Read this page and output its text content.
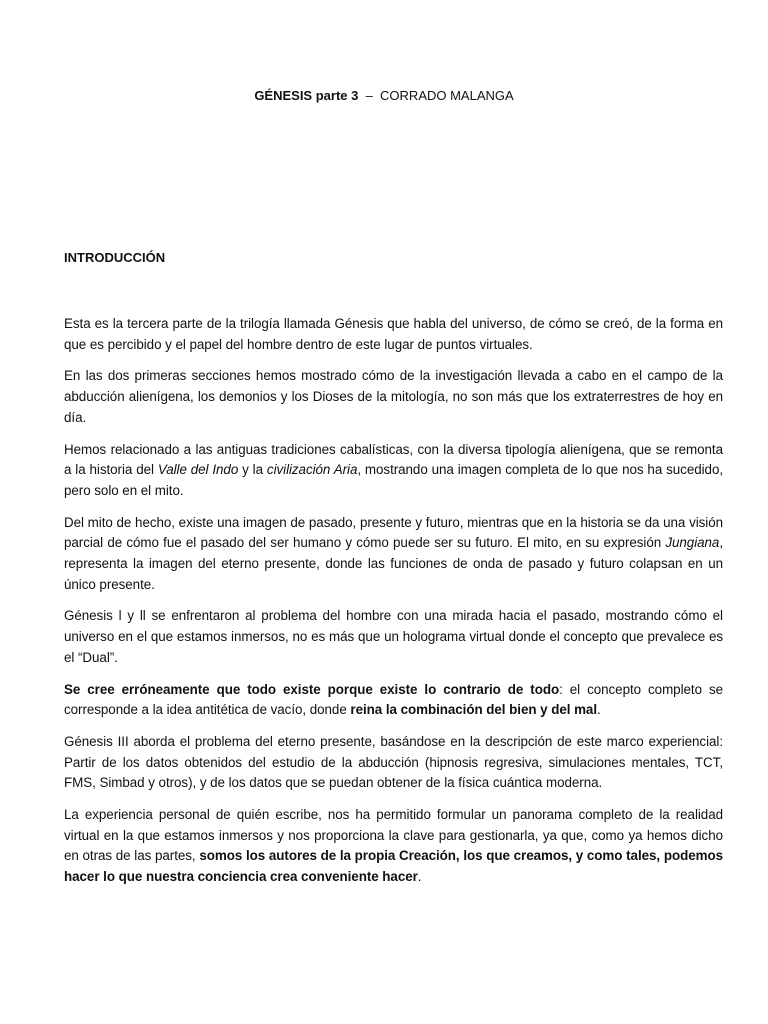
GÉNESIS parte 3  –  CORRADO MALANGA
INTRODUCCIÓN

Esta es la tercera parte de la trilogía llamada Génesis que habla del universo, de cómo se creó, de la forma en que es percibido y el papel del hombre dentro de este lugar de puntos virtuales.

En las dos primeras secciones hemos mostrado cómo de la investigación llevada a cabo en el campo de la abducción alienígena, los demonios y los Dioses de la mitología, no son más que los extraterrestres de hoy en día.

Hemos relacionado a las antiguas tradiciones cabalísticas, con la diversa tipología alienígena, que se remonta a la historia del Valle del Indo y la civilización Aria, mostrando una imagen completa de lo que nos ha sucedido, pero solo en el mito.

Del mito de hecho, existe una imagen de pasado, presente y futuro, mientras que en la historia se da una visión parcial de cómo fue el pasado del ser humano y cómo puede ser su futuro. El mito, en su expresión Jungiana, representa la imagen del eterno presente, donde las funciones de onda de pasado y futuro colapsan en un único presente.

Génesis l y ll se enfrentaron al problema del hombre con una mirada hacia el pasado, mostrando cómo el universo en el que estamos inmersos, no es más que un holograma virtual donde el concepto que prevalece es el “Dual”.

Se cree erróneamente que todo existe porque existe lo contrario de todo: el concepto completo se corresponde a la idea antitética de vacío, donde reina la combinación del bien y del mal.

Génesis III aborda el problema del eterno presente, basándose en la descripción de este marco experiencial: Partir de los datos obtenidos del estudio de la abducción (hipnosis regresiva, simulaciones mentales, TCT, FMS, Simbad y otros), y de los datos que se puedan obtener de la física cuántica moderna.

La experiencia personal de quién escribe, nos ha permitido formular un panorama completo de la realidad virtual en la que estamos inmersos y nos proporciona la clave para gestionarla, ya que, como ya hemos dicho en otras de las partes, somos los autores de la propia Creación, los que creamos, y como tales, podemos hacer lo que nuestra conciencia crea conveniente hacer.
